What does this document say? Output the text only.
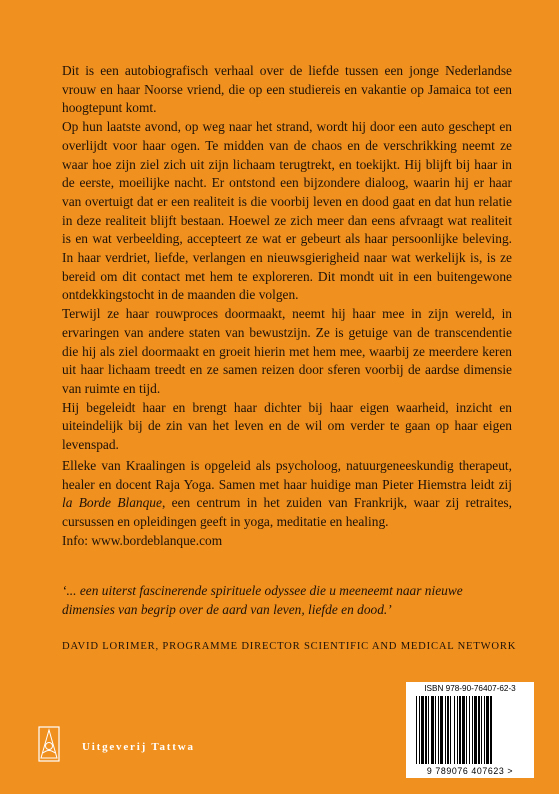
Dit is een autobiografisch verhaal over de liefde tussen een jonge Nederlandse vrouw en haar Noorse vriend, die op een studiereis en vakantie op Jamaica tot een hoogtepunt komt.

Op hun laatste avond, op weg naar het strand, wordt hij door een auto geschept en overlijdt voor haar ogen. Te midden van de chaos en de verschrikking neemt ze waar hoe zijn ziel zich uit zijn lichaam terugtrekt, en toekijkt. Hij blijft bij haar in de eerste, moeilijke nacht. Er ontstond een bijzondere dialoog, waarin hij er haar van overtuigt dat er een realiteit is die voorbij leven en dood gaat en dat hun relatie in deze realiteit blijft bestaan. Hoewel ze zich meer dan eens afvraagt wat realiteit is en wat verbeelding, accepteert ze wat er gebeurt als haar persoonlijke beleving. In haar verdriet, liefde, verlangen en nieuwsgierigheid naar wat werkelijk is, is ze bereid om dit contact met hem te exploreren. Dit mondt uit in een buitengewone ontdekkingstocht in de maanden die volgen.

Terwijl ze haar rouwproces doormaakt, neemt hij haar mee in zijn wereld, in ervaringen van andere staten van bewustzijn. Ze is getuige van de transcendentie die hij als ziel doormaakt en groeit hierin met hem mee, waarbij ze meerdere keren uit haar lichaam treedt en ze samen reizen door sferen voorbij de aardse dimensie van ruimte en tijd.

Hij begeleidt haar en brengt haar dichter bij haar eigen waarheid, inzicht en uiteindelijk bij de zin van het leven en de wil om verder te gaan op haar eigen levenspad.

Elleke van Kraalingen is opgeleid als psycholoog, natuurgeneeskundig therapeut, healer en docent Raja Yoga. Samen met haar huidige man Pieter Hiemstra leidt zij la Borde Blanque, een centrum in het zuiden van Frankrijk, waar zij retraites, cursussen en opleidingen geeft in yoga, meditatie en healing.

Info: www.bordeblanque.com

‘... een uiterst fascinerende spirituele odyssee die u meeneemt naar nieuwe dimensies van begrip over de aard van leven, liefde en dood.’
DAVID LORIMER, PROGRAMME DIRECTOR SCIENTIFIC AND MEDICAL NETWORK
Uitgeverij Tattwa
ISBN 978-90-76407-62-3
9 789076 407623 >
